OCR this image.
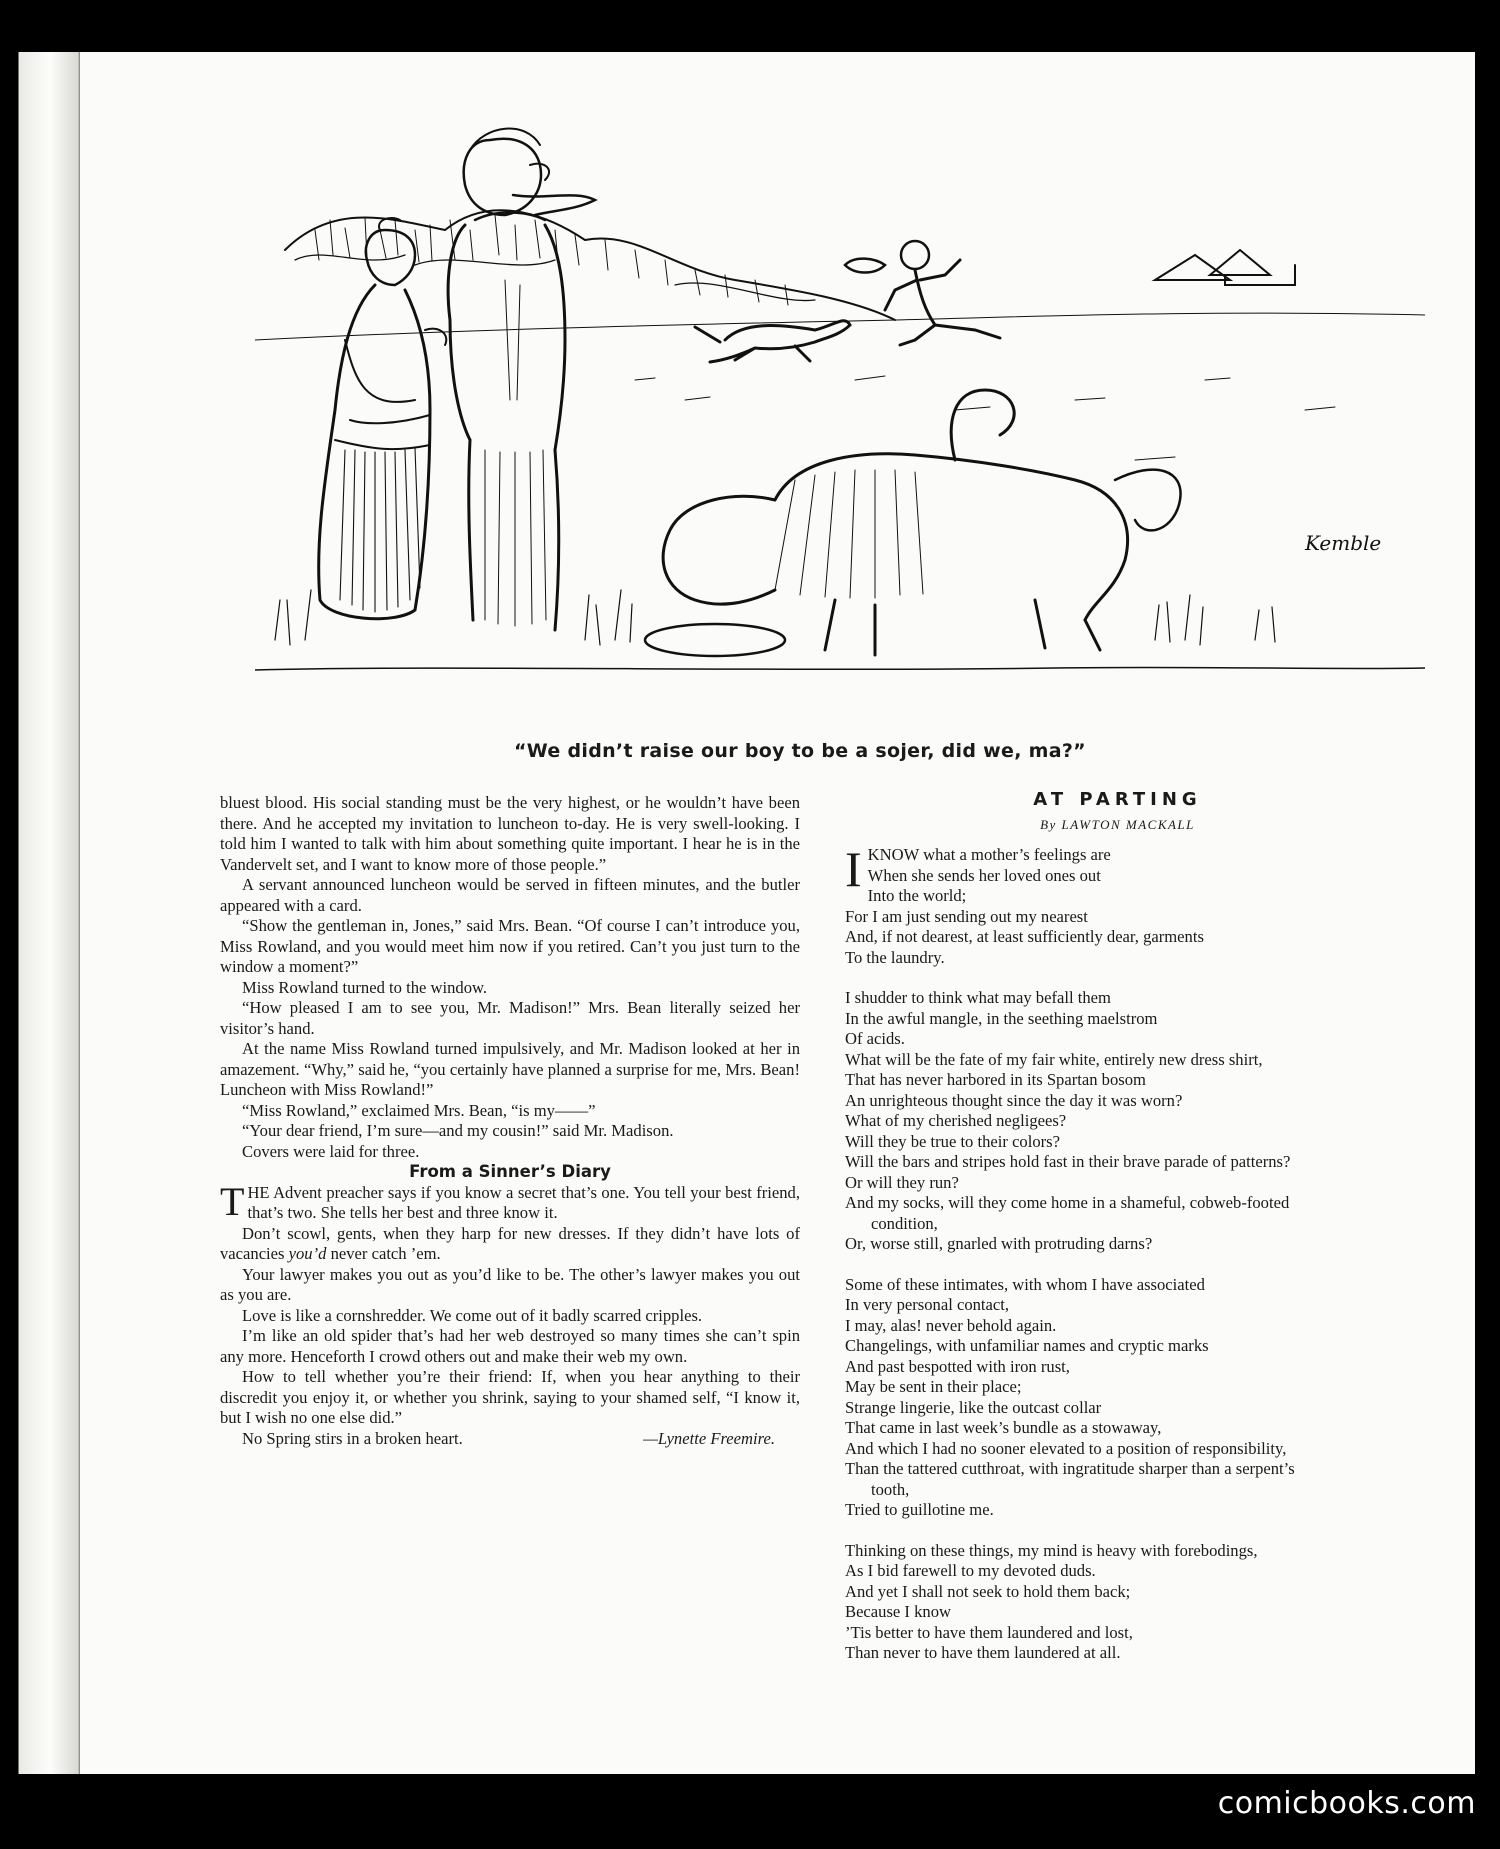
Kemble
“We didn’t raise our boy to be a sojer, did we, ma?”

bluest blood. His social standing must be the very highest, or he wouldn’t have been there. And he accepted my invitation to luncheon to-day. He is very swell-looking. I told him I wanted to talk with him about something quite important. I hear he is in the Vandervelt set, and I want to know more of those people.”

A servant announced luncheon would be served in fifteen minutes, and the butler appeared with a card.

“Show the gentleman in, Jones,” said Mrs. Bean. “Of course I can’t introduce you, Miss Rowland, and you would meet him now if you retired. Can’t you just turn to the window a moment?”

Miss Rowland turned to the window.

“How pleased I am to see you, Mr. Madison!” Mrs. Bean literally seized her visitor’s hand.

At the name Miss Rowland turned impulsively, and Mr. Madison looked at her in amazement. “Why,” said he, “you certainly have planned a surprise for me, Mrs. Bean! Luncheon with Miss Rowland!”

“Miss Rowland,” exclaimed Mrs. Bean, “is my——”

“Your dear friend, I’m sure—and my cousin!” said Mr. Madison.

Covers were laid for three.

From a Sinner’s Diary

THE Advent preacher says if you know a secret that’s one. You tell your best friend, that’s two. She tells her best and three know it.

Don’t scowl, gents, when they harp for new dresses. If they didn’t have lots of vacancies you’d never catch ’em.

Your lawyer makes you out as you’d like to be. The other’s lawyer makes you out as you are.

Love is like a cornshredder. We come out of it badly scarred cripples.

I’m like an old spider that’s had her web destroyed so many times she can’t spin any more. Henceforth I crowd others out and make their web my own.

How to tell whether you’re their friend: If, when you hear anything to their discredit you enjoy it, or whether you shrink, saying to your shamed self, “I know it, but I wish no one else did.”

No Spring stirs in a broken heart.	—Lynette Freemire.

AT PARTING

By LAWTON MACKALL

I KNOW what a mother’s feelings are

When she sends her loved ones out

Into the world;

For I am just sending out my nearest

And, if not dearest, at least sufficiently dear, garments

To the laundry.

I shudder to think what may befall them

In the awful mangle, in the seething maelstrom

Of acids.

What will be the fate of my fair white, entirely new dress shirt,

That has never harbored in its Spartan bosom

An unrighteous thought since the day it was worn?

What of my cherished negligees?

Will they be true to their colors?

Will the bars and stripes hold fast in their brave parade of patterns?

Or will they run?

And my socks, will they come home in a shameful, cobweb-footed

condition,

Or, worse still, gnarled with protruding darns?

Some of these intimates, with whom I have associated

In very personal contact,

I may, alas! never behold again.

Changelings, with unfamiliar names and cryptic marks

And past bespotted with iron rust,

May be sent in their place;

Strange lingerie, like the outcast collar

That came in last week’s bundle as a stowaway,

And which I had no sooner elevated to a position of responsibility,

Than the tattered cutthroat, with ingratitude sharper than a serpent’s

tooth,

Tried to guillotine me.

Thinking on these things, my mind is heavy with forebodings,

As I bid farewell to my devoted duds.

And yet I shall not seek to hold them back;

Because I know

’Tis better to have them laundered and lost,

Than never to have them laundered at all.

comicbooks.com
